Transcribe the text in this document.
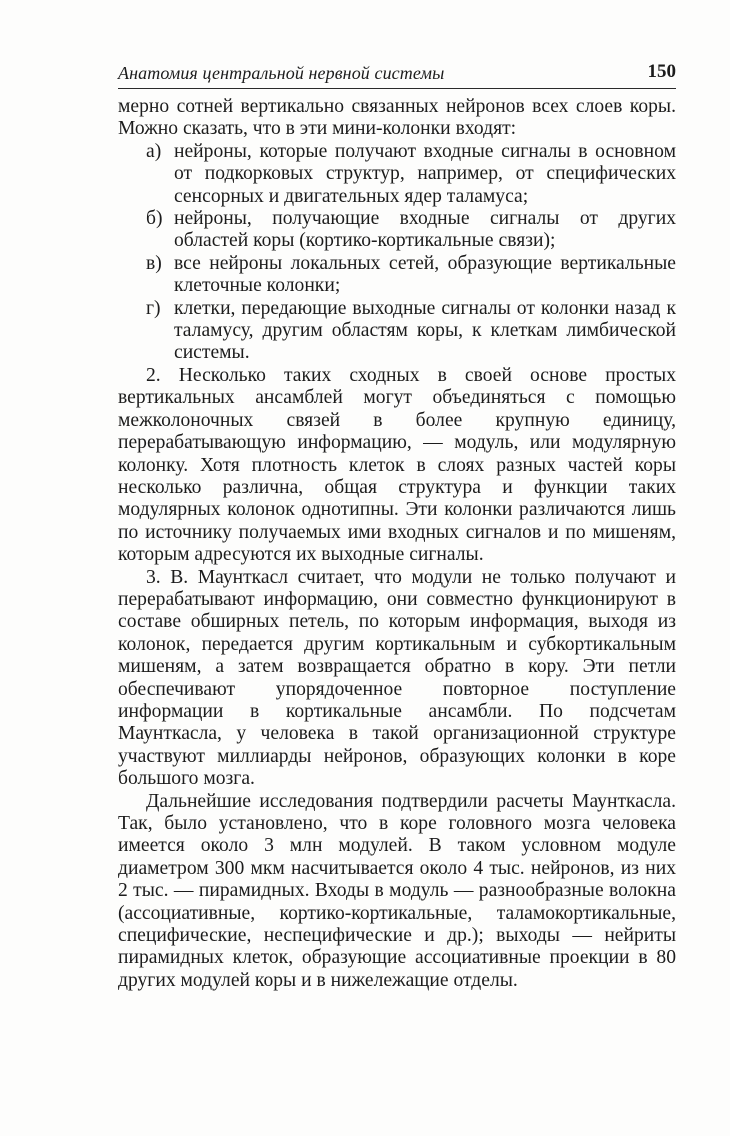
Анатомия центральной нервной системы	150

мерно сотней вертикально связанных нейронов всех слоев коры. Можно сказать, что в эти мини-колонки входят:

а) нейроны, которые получают входные сигналы в основном от подкорковых структур, например, от специфических сенсорных и двигательных ядер таламуса;
б) нейроны, получающие входные сигналы от других областей коры (кортико-кортикальные связи);
в) все нейроны локальных сетей, образующие вертикальные клеточные колонки;
г) клетки, передающие выходные сигналы от колонки назад к таламусу, другим областям коры, к клеткам лимбической системы.

2. Несколько таких сходных в своей основе простых вертикальных ансамблей могут объединяться с помощью межколоночных связей в более крупную единицу, перерабатывающую информацию, — модуль, или модулярную колонку. Хотя плотность клеток в слоях разных частей коры несколько различна, общая структура и функции таких модулярных колонок однотипны. Эти колонки различаются лишь по источнику получаемых ими входных сигналов и по мишеням, которым адресуются их выходные сигналы.

3. В. Маунткасл считает, что модули не только получают и перерабатывают информацию, они совместно функционируют в составе обширных петель, по которым информация, выходя из колонок, передается другим кортикальным и субкортикальным мишеням, а затем возвращается обратно в кору. Эти петли обеспечивают упорядоченное повторное поступление информации в кортикальные ансамбли. По подсчетам Маунткасла, у человека в такой организационной структуре участвуют миллиарды нейронов, образующих колонки в коре большого мозга.

Дальнейшие исследования подтвердили расчеты Маунткасла. Так, было установлено, что в коре головного мозга человека имеется около 3 млн модулей. В таком условном модуле диаметром 300 мкм насчитывается около 4 тыс. нейронов, из них 2 тыс. — пирамидных. Входы в модуль — разнообразные волокна (ассоциативные, кортико-кортикальные, таламокортикальные, специфические, неспецифические и др.); выходы — нейриты пирамидных клеток, образующие ассоциативные проекции в 80 других модулей коры и в нижележащие отделы.
